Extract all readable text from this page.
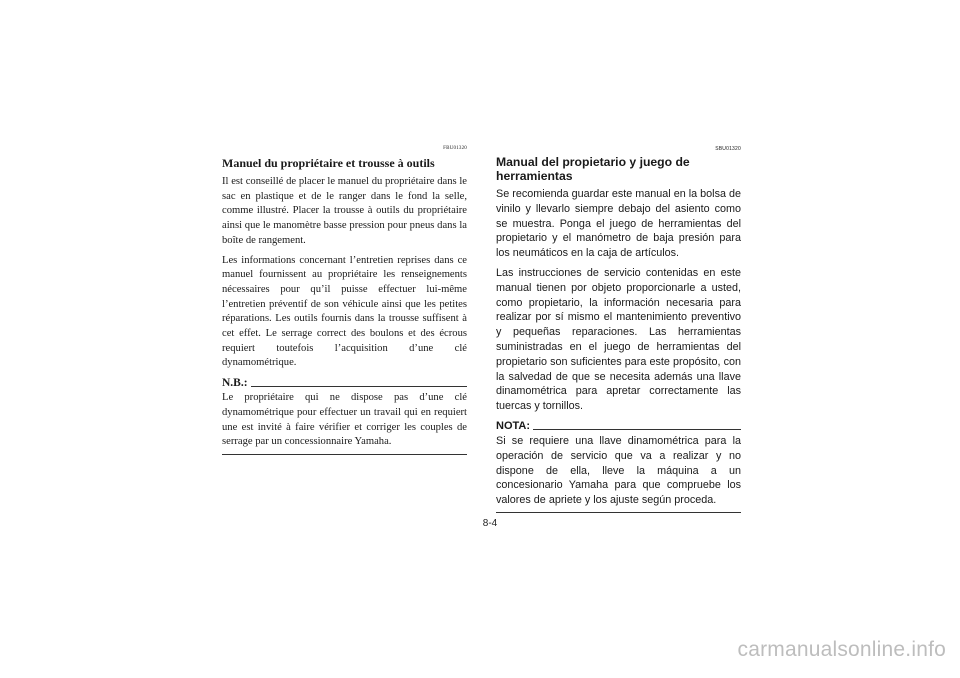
FBU01320
Manuel du propriétaire et trousse à outils

Il est conseillé de placer le manuel du propriétaire dans le sac en plastique et de le ranger dans le fond la selle, comme illustré. Placer la trousse à outils du propriétaire ainsi que le manomètre basse pression pour pneus dans la boîte de rangement.

Les informations concernant l’entretien reprises dans ce manuel fournissent au propriétaire les renseignements nécessaires pour qu’il puisse effectuer lui-même l’entretien préventif de son véhicule ainsi que les petites réparations. Les outils fournis dans la trousse suffisent à cet effet. Le serrage correct des boulons et des écrous requiert toutefois l’acquisition d’une clé dynamométrique.

N.B.:
Le propriétaire qui ne dispose pas d’une clé dynamométrique pour effectuer un travail qui en requiert une est invité à faire vérifier et corriger les couples de serrage par un concessionnaire Yamaha.
SBU01320
Manual del propietario y juego de herramientas

Se recomienda guardar este manual en la bolsa de vinilo y llevarlo siempre debajo del asiento como se muestra. Ponga el juego de herramientas del propietario y el manómetro de baja presión para los neumáticos en la caja de artículos.

Las instrucciones de servicio contenidas en este manual tienen por objeto proporcionarle a usted, como propietario, la información necesaria para realizar por sí mismo el mantenimiento preventivo y pequeñas reparaciones. Las herramientas suministradas en el juego de herramientas del propietario son suficientes para este propósito, con la salvedad de que se necesita además una llave dinamométrica para apretar correctamente las tuercas y tornillos.

NOTA:
Si se requiere una llave dinamométrica para la operación de servicio que va a realizar y no dispone de ella, lleve la máquina a un concesionario Yamaha para que compruebe los valores de apriete y los ajuste según proceda.
8-4
carmanualsonline.info
